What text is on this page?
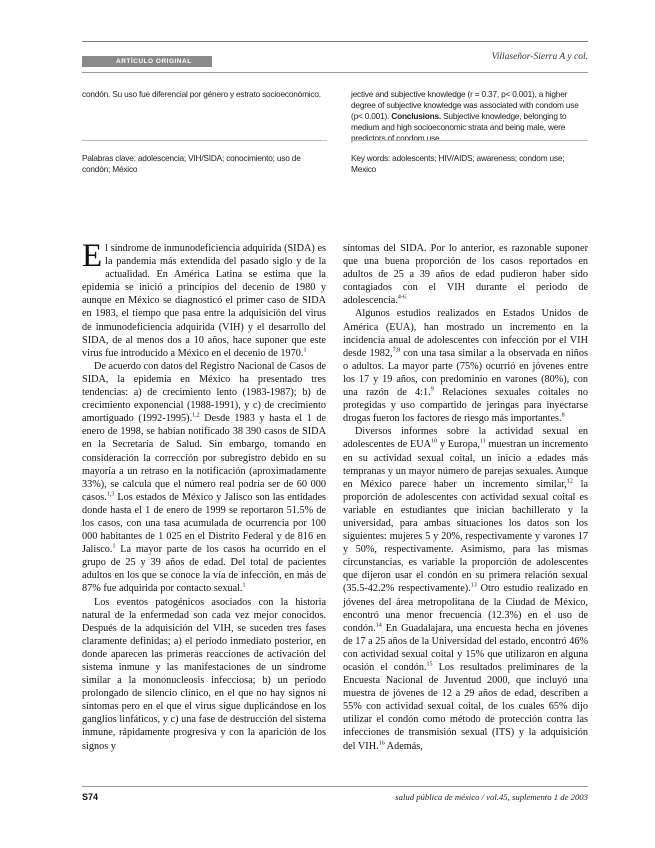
ARTÍCULO ORIGINAL	Villaseñor-Sierra A y col.
condón. Su uso fue diferencial por género y estrato socioeconómico.
Palabras clave: adolescencia; VIH/SIDA; conocimiento; uso de condón; México
jective and subjective knowledge (r = 0.37, p< 0.001), a higher degree of subjective knowledge was associated with condom use (p< 0.001). Conclusions. Subjective knowledge, belonging to medium and high socioeconomic strata and being male, were predictors of condom use.
Key words: adolescents; HIV/AIDS; awareness; condom use; Mexico

El síndrome de inmunodeficiencia adquirida (SIDA) es la pandemia más extendida del pasado siglo y de la actualidad. En América Latina se estima que la epidemia se inició a principios del decenio de 1980 y aunque en México se diagnosticó el primer caso de SIDA en 1983, el tiempo que pasa entre la adquisición del virus de inmunodeficiencia adquirida (VIH) y el desarrollo del SIDA, de al menos dos a 10 años, hace suponer que este virus fue introducido a México en el decenio de 1970.$^1$

De acuerdo con datos del Registro Nacional de Casos de SIDA, la epidemia en México ha presentado tres tendencias: a) de crecimiento lento (1983-1987); b) de crecimiento exponencial (1988-1991), y c) de crecimiento amortiguado (1992-1995).$^{1,2}$ Desde 1983 y hasta el 1 de enero de 1998, se habían notificado 38 390 casos de SIDA en la Secretaría de Salud. Sin embargo, tomando en consideración la corrección por subregistro debido en su mayoría a un retraso en la notificación (aproximadamente 33%), se calcula que el número real podría ser de 60 000 casos.$^{1,3}$ Los estados de México y Jalisco son las entidades donde hasta el 1 de enero de 1999 se reportaron 51.5% de los casos, con una tasa acumulada de ocurrencia por 100 000 habitantes de 1 025 en el Distrito Federal y de 816 en Jalisco.$^1$ La mayor parte de los casos ha ocurrido en el grupo de 25 y 39 años de edad. Del total de pacientes adultos en los que se conoce la vía de infección, en más de 87% fue adquirida por contacto sexual.$^1$

Los eventos patogénicos asociados con la historia natural de la enfermedad son cada vez mejor conocidos. Después de la adquisición del VIH, se suceden tres fases claramente definidas; a) el periodo inmediato posterior, en donde aparecen las primeras reacciones de activación del sistema inmune y las manifestaciones de un síndrome similar a la mononucleosis infecciosa; b) un periodo prolongado de silencio clínico, en el que no hay signos ni síntomas pero en el que el virus sigue duplicándose en los ganglios linfáticos, y c) una fase de destrucción del sistema inmune, rápidamente progresiva y con la aparición de los signos y

síntomas del SIDA. Por lo anterior, es razonable suponer que una buena proporción de los casos reportados en adultos de 25 a 39 años de edad pudieron haber sido contagiados con el VIH durante el periodo de adolescencia.$^{4-6}$

Algunos estudios realizados en Estados Unidos de América (EUA), han mostrado un incremento en la incidencia anual de adolescentes con infección por el VIH desde 1982,$^{7,8}$ con una tasa similar a la observada en niños o adultos. La mayor parte (75%) ocurrió en jóvenes entre los 17 y 19 años, con predominio en varones (80%), con una razón de 4:1.$^9$ Relaciones sexuales coitales no protegidas y uso compartido de jeringas para inyectarse drogas fueron los factores de riesgo más importantes.$^8$

Diversos informes sobre la actividad sexual en adolescentes de EUA$^{10}$ y Europa,$^{11}$ muestran un incremento en su actividad sexual coital, un inicio a edades más tempranas y un mayor número de parejas sexuales. Aunque en México parece haber un incremento similar,$^{12}$ la proporción de adolescentes con actividad sexual coital es variable en estudiantes que inician bachillerato y la universidad, para ambas situaciones los datos son los siguientes: mujeres 5 y 20%, respectivamente y varones 17 y 50%, respectivamente. Asimismo, para las mismas circunstancias, es variable la proporción de adolescentes que dijeron usar el condón en su primera relación sexual (35.5-42.2% respectivamente).$^{13}$ Otro estudio realizado en jóvenes del área metropolitana de la Ciudad de México, encontró una menor frecuencia (12.3%) en el uso de condón.$^{14}$ En Guadalajara, una encuesta hecha en jóvenes de 17 a 25 años de la Universidad del estado, encontró 46% con actividad sexual coital y 15% que utilizaron en alguna ocasión el condón.$^{15}$ Los resultados preliminares de la Encuesta Nacional de Juventud 2000, que incluyó una muestra de jóvenes de 12 a 29 años de edad, describen a 55% con actividad sexual coital, de los cuales 65% dijo utilizar el condón como método de protección contra las infecciones de transmisión sexual (ITS) y la adquisición del VIH.$^{16}$ Además,

S74	salud pública de méxico / vol.45, suplemento 1 de 2003
